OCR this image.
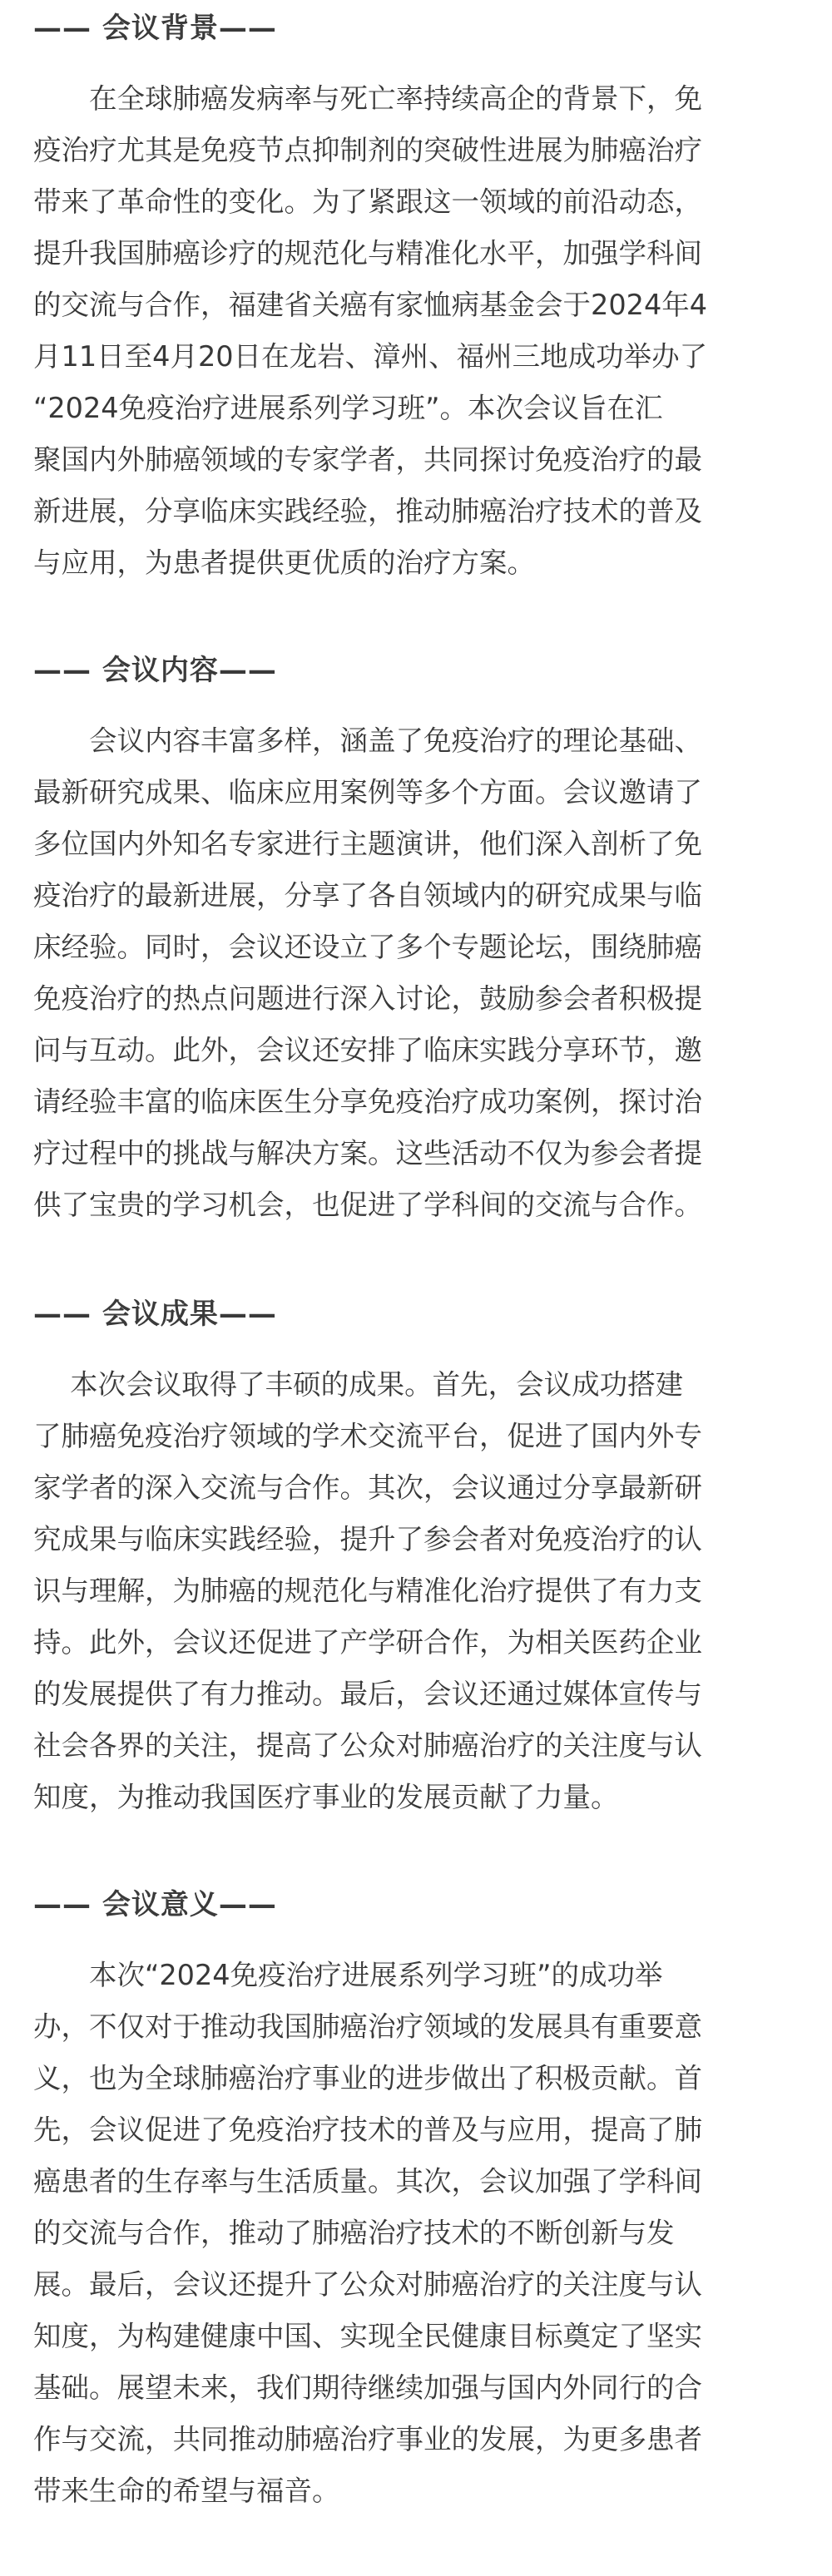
—— 会议背景——
　　在全球肺癌发病率与死亡率持续高企的背景下，免
疫治疗尤其是免疫节点抑制剂的突破性进展为肺癌治疗
带来了革命性的变化。为了紧跟这一领域的前沿动态，
提升我国肺癌诊疗的规范化与精准化水平，加强学科间
的交流与合作，福建省关癌有家恤病基金会于2024年4
月11日至4月20日在龙岩、漳州、福州三地成功举办了
“2024免疫治疗进展系列学习班”。本次会议旨在汇
聚国内外肺癌领域的专家学者，共同探讨免疫治疗的最
新进展，分享临床实践经验，推动肺癌治疗技术的普及
与应用，为患者提供更优质的治疗方案。
—— 会议内容——
　　会议内容丰富多样，涵盖了免疫治疗的理论基础、
最新研究成果、临床应用案例等多个方面。会议邀请了
多位国内外知名专家进行主题演讲，他们深入剖析了免
疫治疗的最新进展，分享了各自领域内的研究成果与临
床经验。同时，会议还设立了多个专题论坛，围绕肺癌
免疫治疗的热点问题进行深入讨论，鼓励参会者积极提
问与互动。此外，会议还安排了临床实践分享环节，邀
请经验丰富的临床医生分享免疫治疗成功案例，探讨治
疗过程中的挑战与解决方案。这些活动不仅为参会者提
供了宝贵的学习机会，也促进了学科间的交流与合作。
—— 会议成果——
　 本次会议取得了丰硕的成果。首先，会议成功搭建
了肺癌免疫治疗领域的学术交流平台，促进了国内外专
家学者的深入交流与合作。其次，会议通过分享最新研
究成果与临床实践经验，提升了参会者对免疫治疗的认
识与理解，为肺癌的规范化与精准化治疗提供了有力支
持。此外，会议还促进了产学研合作，为相关医药企业
的发展提供了有力推动。最后，会议还通过媒体宣传与
社会各界的关注，提高了公众对肺癌治疗的关注度与认
知度，为推动我国医疗事业的发展贡献了力量。
—— 会议意义——
　　本次“2024免疫治疗进展系列学习班”的成功举
办，不仅对于推动我国肺癌治疗领域的发展具有重要意
义，也为全球肺癌治疗事业的进步做出了积极贡献。首
先，会议促进了免疫治疗技术的普及与应用，提高了肺
癌患者的生存率与生活质量。其次，会议加强了学科间
的交流与合作，推动了肺癌治疗技术的不断创新与发
展。最后，会议还提升了公众对肺癌治疗的关注度与认
知度，为构建健康中国、实现全民健康目标奠定了坚实
基础。展望未来，我们期待继续加强与国内外同行的合
作与交流，共同推动肺癌治疗事业的发展，为更多患者
带来生命的希望与福音。
